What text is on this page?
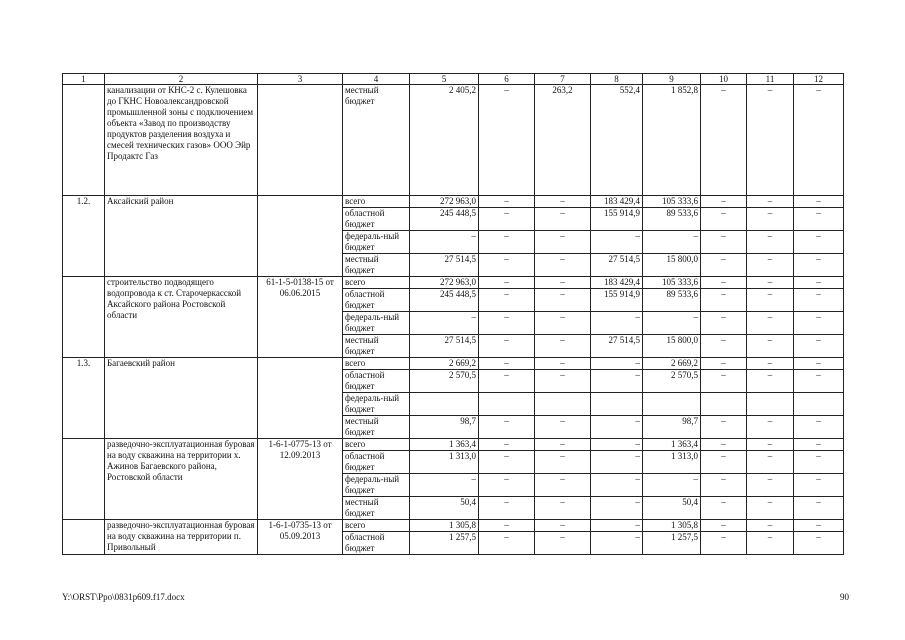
1	2	3	4	5	6	7	8	9	10	11	12
	канализации от КНС-2 с. Кулешовка до ГКНС Новоалександровской промышленной зоны с подключением объекта «Завод по производству продуктов разделения воздуха и смесей технических газов» ООО Эйр Продактс Газ		местный бюджет	2 405,2	–	263,2	552,4	1 852,8	–	–	–
1.2.	Аксайский район		всего	272 963,0	–	–	183 429,4	105 333,6	–	–	–
			областной бюджет	245 448,5	–	–	155 914,9	89 533,6	–	–	–
			федераль-ный бюджет	–	–	–	–	–	–	–	–
			местный бюджет	27 514,5	–	–	27 514,5	15 800,0	–	–	–
	строительство подводящего водопровода к ст. Старочеркасской Аксайского района Ростовской области	61-1-5-0138-15 от 06.06.2015	всего	272 963,0	–	–	183 429,4	105 333,6	–	–	–
			областной бюджет	245 448,5	–	–	155 914,9	89 533,6	–	–	–
			федераль-ный бюджет	–	–	–	–	–	–	–	–
			местный бюджет	27 514,5	–	–	27 514,5	15 800,0	–	–	–
1.3.	Багаевский район		всего	2 669,2	–	–	–	2 669,2	–	–	–
			областной бюджет	2 570,5	–	–	–	2 570,5	–	–	–
			федераль-ный бюджет								
			местный бюджет	98,7	–	–	–	98,7	–	–	–
	разведочно-эксплуатационная буровая на воду скважина на территории х. Ажинов Багаевского района, Ростовской области	1-6-1-0775-13 от 12.09.2013	всего	1 363,4	–	–	–	1 363,4	–	–	–
			областной бюджет	1 313,0	–	–	–	1 313,0	–	–	–
			федераль-ный бюджет	–	–	–	–	–	–	–	–
			местный бюджет	50,4	–	–	–	50,4	–	–	–
	разведочно-эксплуатационная буровая на воду скважина на территории п. Привольный	1-6-1-0735-13 от 05.09.2013	всего	1 305,8	–	–	–	1 305,8	–	–	–
			областной бюджет	1 257,5	–	–	–	1 257,5	–	–	–
Y:\ORST\Ppo\0831p609.f17.docx	90
